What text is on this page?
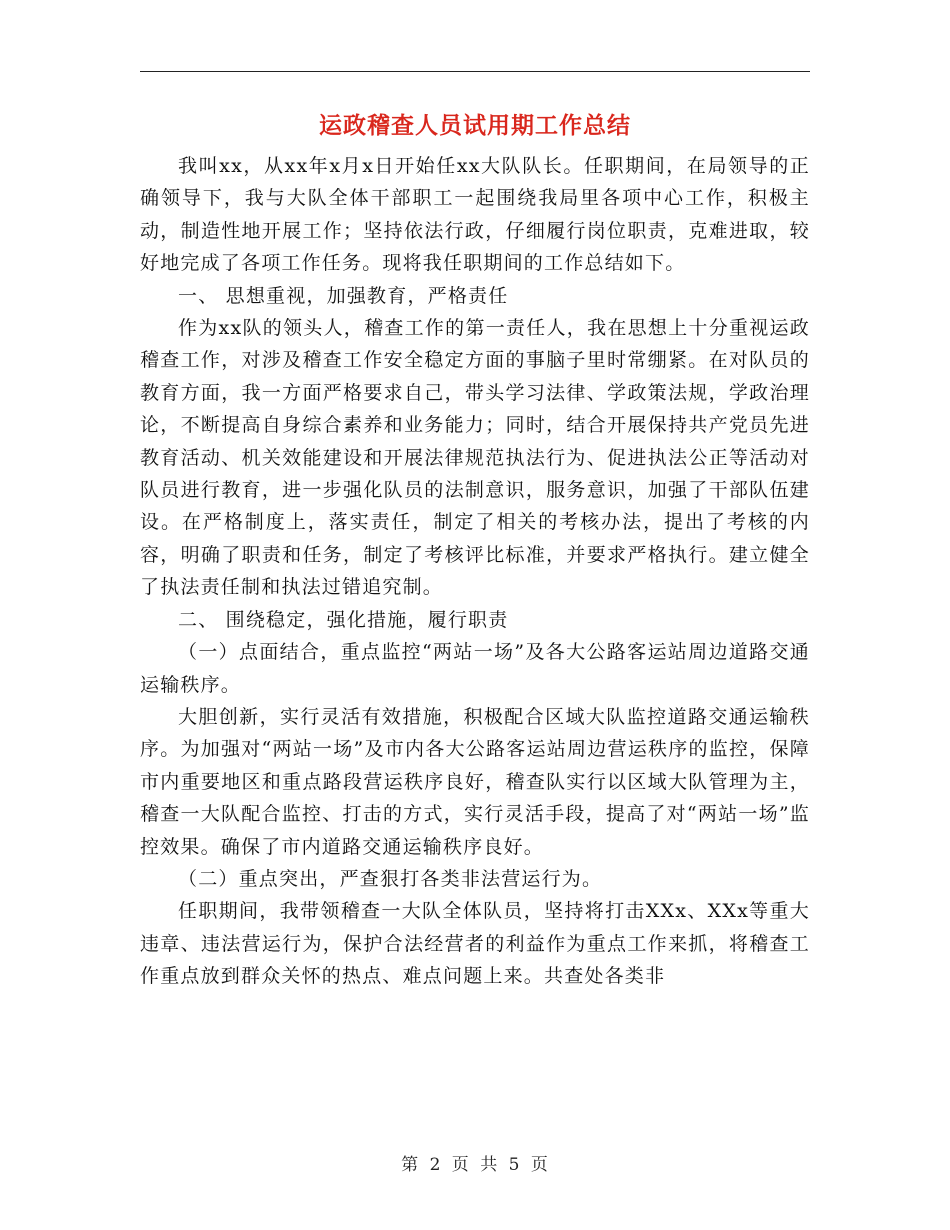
运政稽查人员试用期工作总结

我叫xx，从xx年x月x日开始任xx大队队长。任职期间，在局领导的正确领导下，我与大队全体干部职工一起围绕我局里各项中心工作，积极主动，制造性地开展工作；坚持依法行政，仔细履行岗位职责，克难进取，较好地完成了各项工作任务。现将我任职期间的工作总结如下。

一、 思想重视，加强教育，严格责任

作为xx队的领头人，稽查工作的第一责任人，我在思想上十分重视运政稽查工作，对涉及稽查工作安全稳定方面的事脑子里时常绷紧。在对队员的教育方面，我一方面严格要求自己，带头学习法律、学政策法规，学政治理论，不断提高自身综合素养和业务能力；同时，结合开展保持共产党员先进教育活动、机关效能建设和开展法律规范执法行为、促进执法公正等活动对队员进行教育，进一步强化队员的法制意识，服务意识，加强了干部队伍建设。在严格制度上，落实责任，制定了相关的考核办法，提出了考核的内容，明确了职责和任务，制定了考核评比标准，并要求严格执行。建立健全了执法责任制和执法过错追究制。

二、 围绕稳定，强化措施，履行职责

（一）点面结合，重点监控“两站一场”及各大公路客运站周边道路交通运输秩序。

大胆创新，实行灵活有效措施，积极配合区域大队监控道路交通运输秩序。为加强对“两站一场”及市内各大公路客运站周边营运秩序的监控，保障市内重要地区和重点路段营运秩序良好，稽查队实行以区域大队管理为主，稽查一大队配合监控、打击的方式，实行灵活手段，提高了对“两站一场”监控效果。确保了市内道路交通运输秩序良好。

（二）重点突出，严查狠打各类非法营运行为。

任职期间，我带领稽查一大队全体队员，坚持将打击XXx、XXx等重大违章、违法营运行为，保护合法经营者的利益作为重点工作来抓，将稽查工作重点放到群众关怀的热点、难点问题上来。共查处各类非

第 2 页 共 5 页
